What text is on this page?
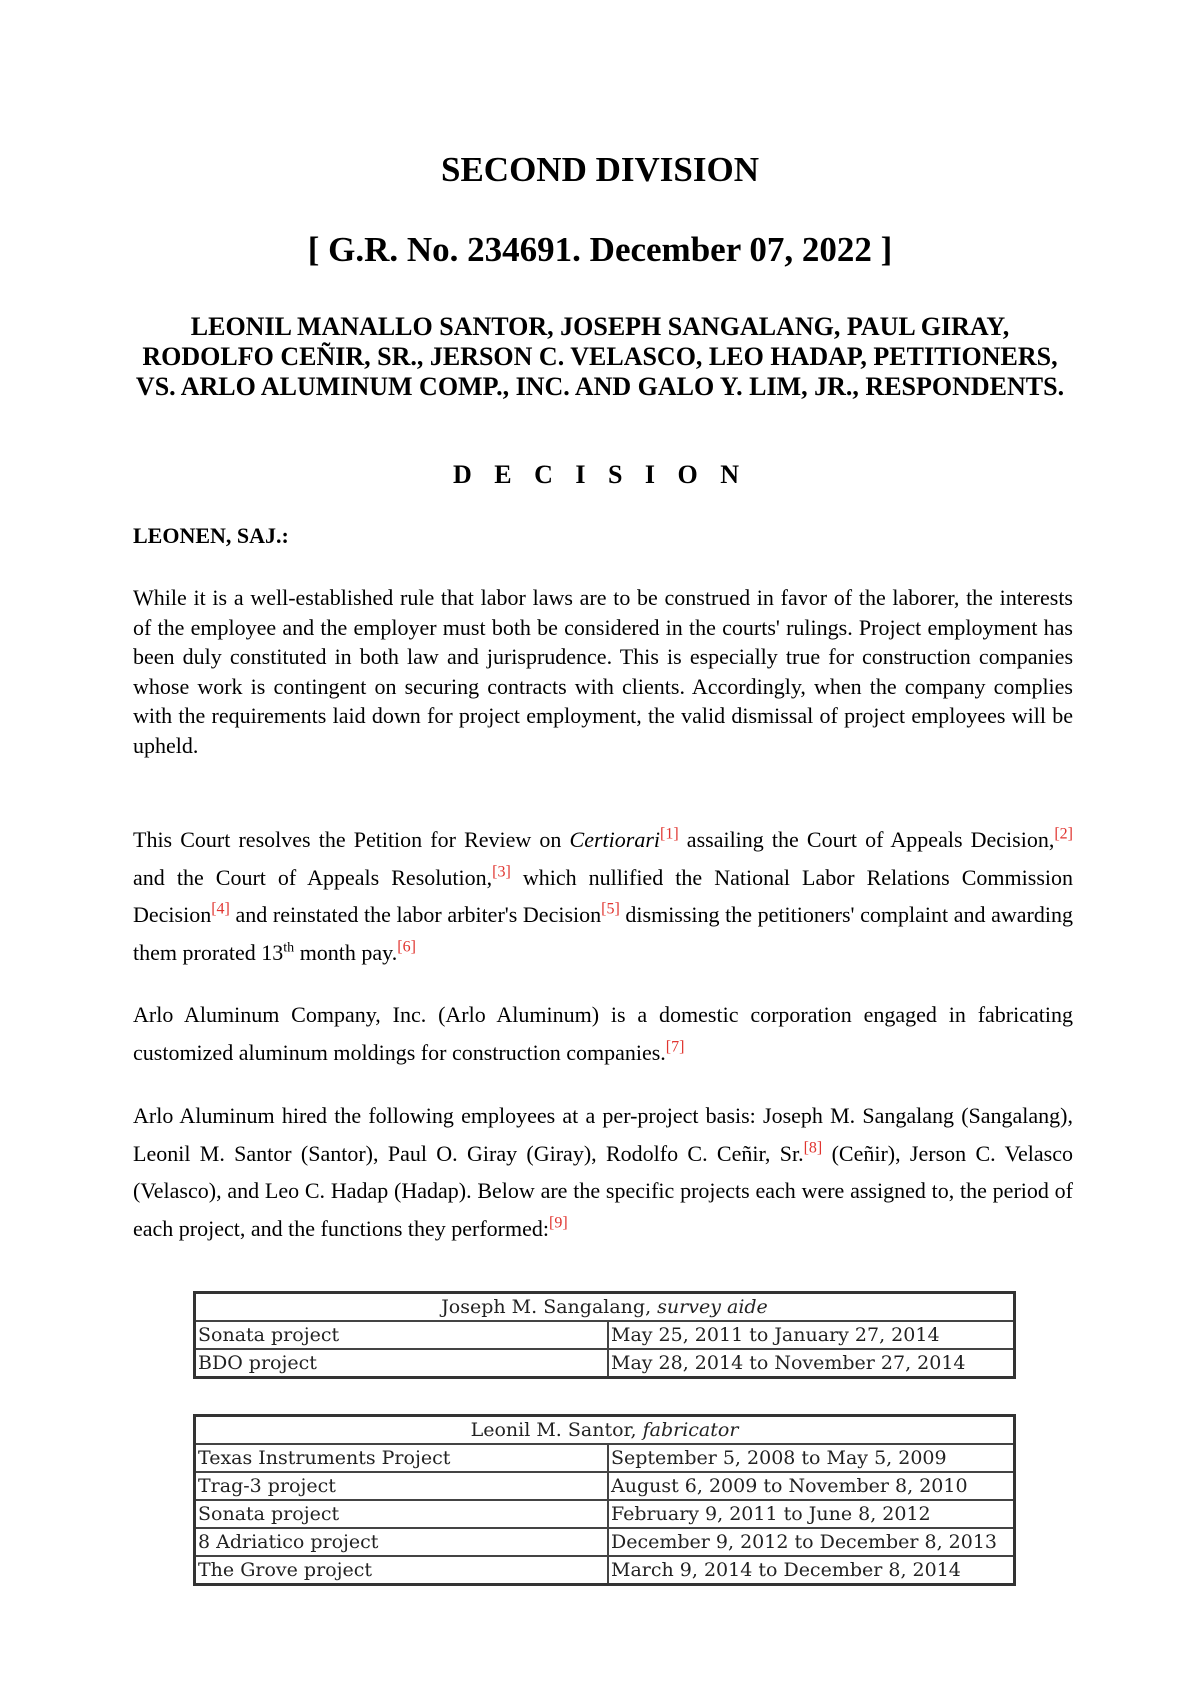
SECOND DIVISION
[ G.R. No. 234691. December 07, 2022 ]

LEONIL MANALLO SANTOR, JOSEPH SANGALANG, PAUL GIRAY, RODOLFO CEÑIR, SR., JERSON C. VELASCO, LEO HADAP, PETITIONERS, VS. ARLO ALUMINUM COMP., INC. AND GALO Y. LIM, JR., RESPONDENTS.

D E C I S I O N

LEONEN, SAJ.:

While it is a well-established rule that labor laws are to be construed in favor of the laborer, the interests of the employee and the employer must both be considered in the courts' rulings. Project employment has been duly constituted in both law and jurisprudence. This is especially true for construction companies whose work is contingent on securing contracts with clients. Accordingly, when the company complies with the requirements laid down for project employment, the valid dismissal of project employees will be upheld.

This Court resolves the Petition for Review on Certiorari[1] assailing the Court of Appeals Decision,[2] and the Court of Appeals Resolution,[3] which nullified the National Labor Relations Commission Decision[4] and reinstated the labor arbiter's Decision[5] dismissing the petitioners' complaint and awarding them prorated 13th month pay.[6]

Arlo Aluminum Company, Inc. (Arlo Aluminum) is a domestic corporation engaged in fabricating customized aluminum moldings for construction companies.[7]

Arlo Aluminum hired the following employees at a per-project basis: Joseph M. Sangalang (Sangalang), Leonil M. Santor (Santor), Paul O. Giray (Giray), Rodolfo C. Ceñir, Sr.[8] (Ceñir), Jerson C. Velasco (Velasco), and Leo C. Hadap (Hadap). Below are the specific projects each were assigned to, the period of each project, and the functions they performed:[9]

Joseph M. Sangalang, survey aide	
Sonata project	May 25, 2011 to January 27, 2014
BDO project	May 28, 2014 to November 27, 2014
Leonil M. Santor, fabricator	
Texas Instruments Project	September 5, 2008 to May 5, 2009
Trag-3 project	August 6, 2009 to November 8, 2010
Sonata project	February 9, 2011 to June 8, 2012
8 Adriatico project	December 9, 2012 to December 8, 2013
The Grove project	March 9, 2014 to December 8, 2014
